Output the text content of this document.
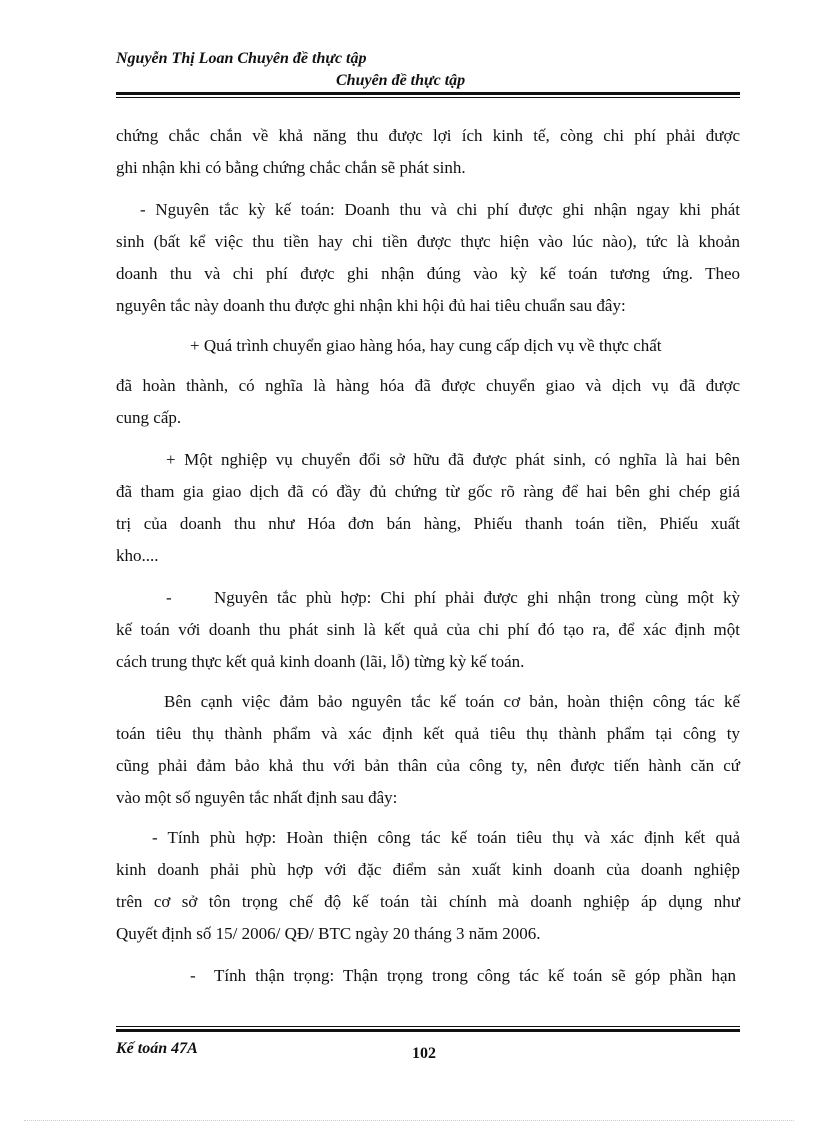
Nguyễn Thị Loan Chuyên đề thực tập
Chuyên đề thực tập
chứng chắc chắn về khả năng thu được lợi ích kinh tế, còng chi phí phải được
ghi nhận khi có bằng chứng chắc chắn sẽ phát sinh.
- Nguyên tắc kỳ kế toán: Doanh thu và chi phí được ghi nhận ngay khi phát
sinh (bất kể việc thu tiền hay chi tiền được thực hiện vào lúc nào), tức là khoản
doanh thu và chi phí được ghi nhận đúng vào kỳ kế toán tương ứng. Theo
nguyên tắc này doanh thu được ghi nhận khi hội đủ hai tiêu chuẩn sau đây:
+ Quá trình chuyển giao hàng hóa, hay cung cấp dịch vụ về thực chất
đã hoàn thành, có nghĩa là hàng hóa đã được chuyển giao và dịch vụ đã được
cung cấp.
+ Một nghiệp vụ chuyển đổi sở hữu đã được phát sinh, có nghĩa là hai bên
đã tham gia giao dịch đã có đầy đủ chứng từ gốc rõ ràng để hai bên ghi chép giá
trị của doanh thu như Hóa đơn bán hàng, Phiếu thanh toán tiền, Phiếu xuất
kho....
-	Nguyên tắc phù hợp: Chi phí phải được ghi nhận trong cùng một kỳ
kế toán với doanh thu phát sinh là kết quả của chi phí đó tạo ra, để xác định một
cách trung thực kết quả kinh doanh (lãi, lỗ) từng kỳ kế toán.
Bên cạnh việc đảm bảo nguyên tắc kế toán cơ bản, hoàn thiện công tác kế
toán tiêu thụ thành phẩm và xác định kết quả tiêu thụ thành phẩm tại công ty
cũng phải đảm bảo khả thu với bản thân của công ty, nên được tiến hành căn cứ
vào một số nguyên tắc nhất định sau đây:
- Tính phù hợp: Hoàn thiện công tác kế toán tiêu thụ và xác định kết quả
kinh doanh phải phù hợp với đặc điểm sản xuất kinh doanh của doanh nghiệp
trên cơ sở tôn trọng chế độ kế toán tài chính mà doanh nghiệp áp dụng như
Quyết định số 15/ 2006/ QĐ/ BTC ngày 20 tháng 3 năm 2006.
-	Tính thận trọng: Thận trọng trong công tác kế toán sẽ góp phần hạn
Kế toán 47A	102
